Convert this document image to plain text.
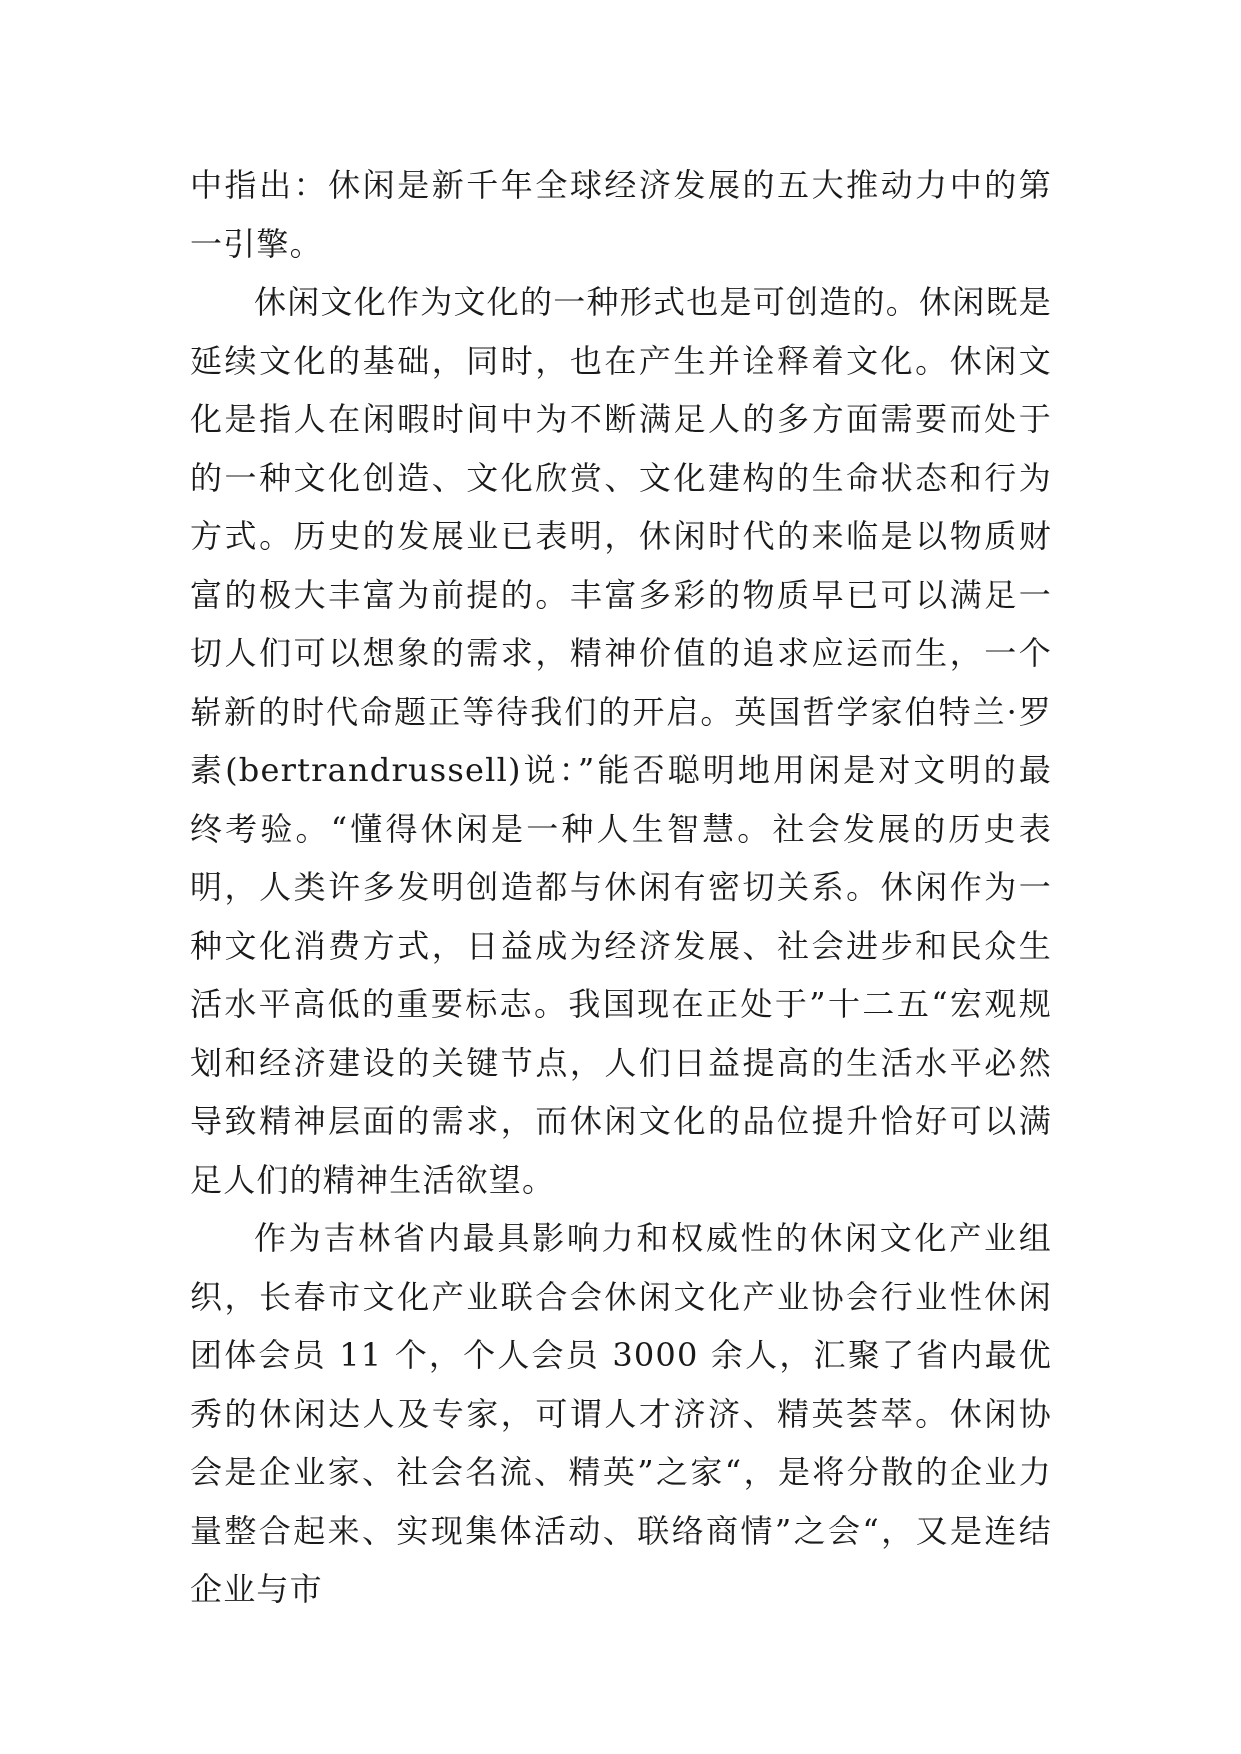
中指出：休闲是新千年全球经济发展的五大推动力中的第一引擎。

休闲文化作为文化的一种形式也是可创造的。休闲既是延续文化的基础，同时，也在产生并诠释着文化。休闲文化是指人在闲暇时间中为不断满足人的多方面需要而处于的一种文化创造、文化欣赏、文化建构的生命状态和行为方式。历史的发展业已表明，休闲时代的来临是以物质财富的极大丰富为前提的。丰富多彩的物质早已可以满足一切人们可以想象的需求，精神价值的追求应运而生，一个崭新的时代命题正等待我们的开启。英国哲学家伯特兰·罗素(bertrandrussell)说：”能否聪明地用闲是对文明的最终考验。“懂得休闲是一种人生智慧。社会发展的历史表明，人类许多发明创造都与休闲有密切关系。休闲作为一种文化消费方式，日益成为经济发展、社会进步和民众生活水平高低的重要标志。我国现在正处于”十二五“宏观规划和经济建设的关键节点，人们日益提高的生活水平必然导致精神层面的需求，而休闲文化的品位提升恰好可以满足人们的精神生活欲望。

作为吉林省内最具影响力和权威性的休闲文化产业组织，长春市文化产业联合会休闲文化产业协会行业性休闲团体会员 11 个，个人会员 3000 余人，汇聚了省内最优秀的休闲达人及专家，可谓人才济济、精英荟萃。休闲协会是企业家、社会名流、精英”之家“，是将分散的企业力量整合起来、实现集体活动、联络商情”之会“，又是连结企业与市
